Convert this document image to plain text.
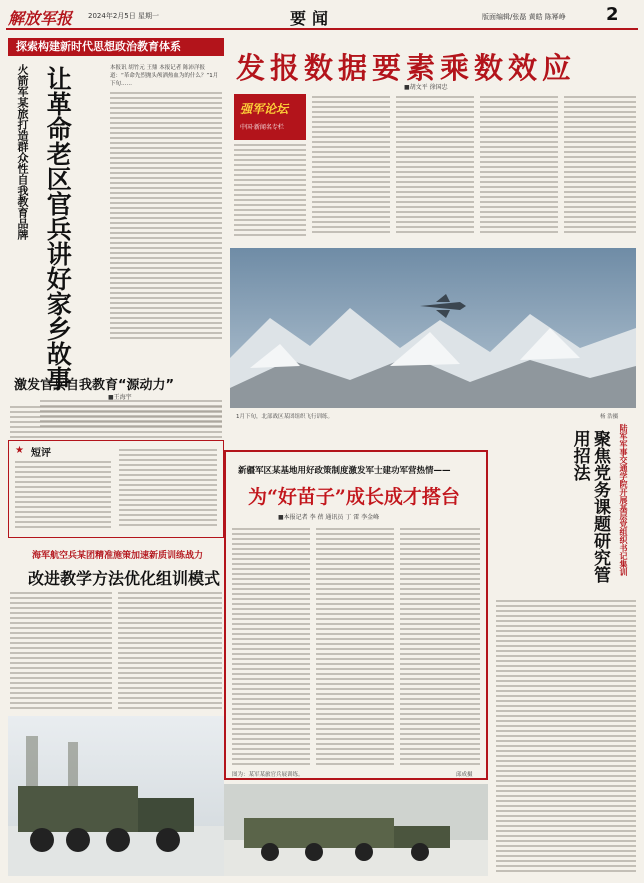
解放军报 2024年2月5日 星期一	要闻	版面编辑/张磊 黄皓 陈幂峥 2
探索构建新时代思想政治教育体系
火箭军某旅打造群众性自我教育品牌 让革命老区官兵讲好家乡故事	本报讯 胡竹元 王鼎 本报记者 陈沛洋报道：“革命先烈抛头颅洒热血为的什么？”1月下旬……
激发官兵自我教育“源动力”
■王海宇
★ 短评
海军航空兵某团精准施策加速新质训练战力
改进教学方法 优化组训模式
发报数据要素乘数效应
■胡文平 徐国忠
强军论坛
中国·新闻名专栏
1月下旬，北部战区某团组织飞行训练。	杨 浩摄
新疆军区某基地用好政策制度激发军士建功军营热情——
为“好苗子”成长成才搭台
■本报记者 李 蓓 通讯员 丁 雷 李金峰
图为：某军某旅官兵展训练。	邱成摄
陆军军事交通学院开展基层党组织书记集训
聚焦党务课题研究管用招法
